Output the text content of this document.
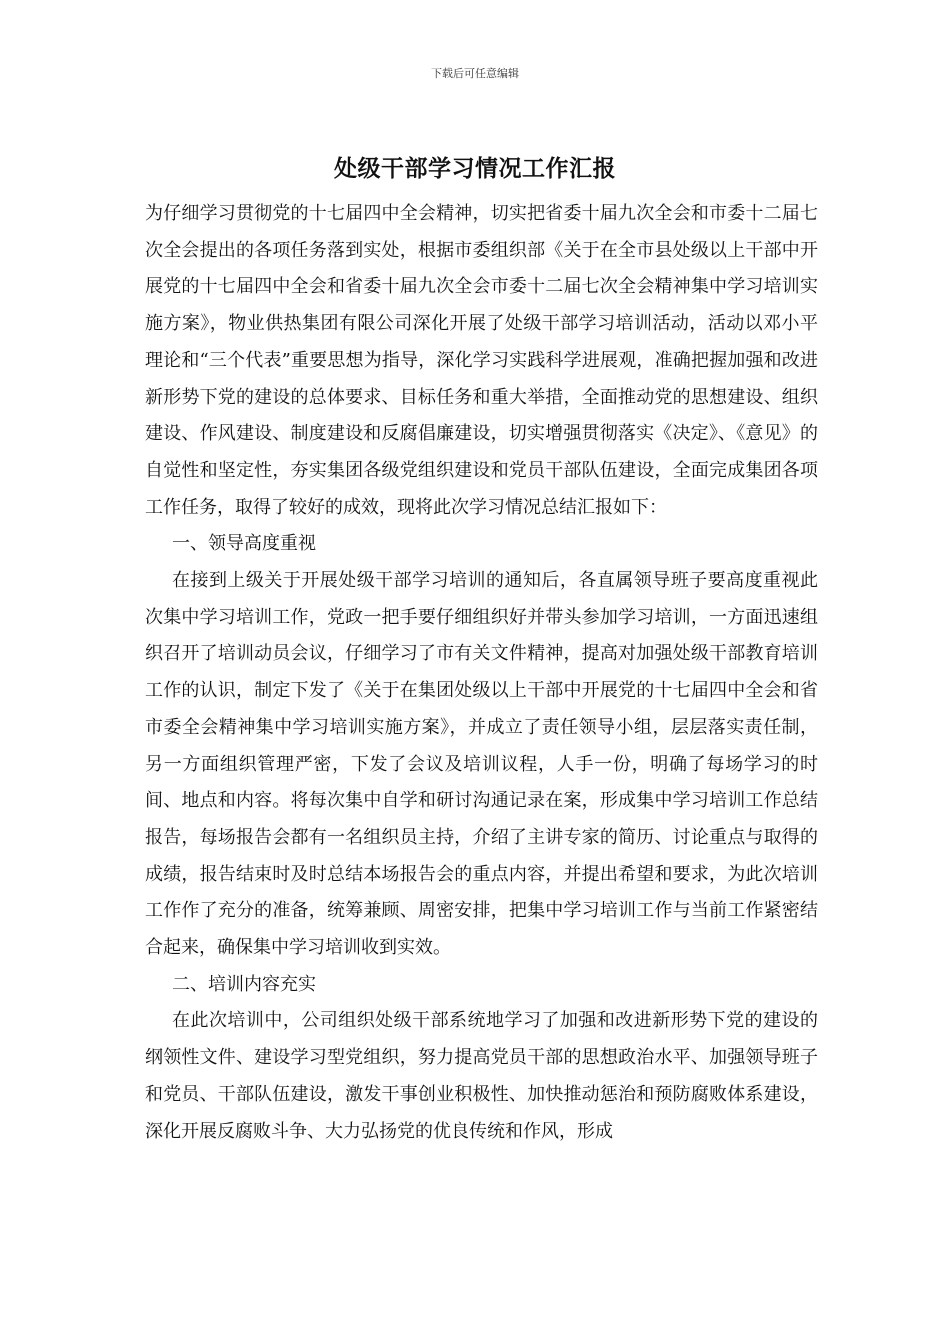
下载后可任意编辑
处级干部学习情况工作汇报

为仔细学习贯彻党的十七届四中全会精神，切实把省委十届九次全会和市委十二届七次全会提出的各项任务落到实处，根据市委组织部《关于在全市县处级以上干部中开展党的十七届四中全会和省委十届九次全会市委十二届七次全会精神集中学习培训实施方案》，物业供热集团有限公司深化开展了处级干部学习培训活动，活动以邓小平理论和“三个代表”重要思想为指导，深化学习实践科学进展观，准确把握加强和改进新形势下党的建设的总体要求、目标任务和重大举措，全面推动党的思想建设、组织建设、作风建设、制度建设和反腐倡廉建设，切实增强贯彻落实《决定》、《意见》的自觉性和坚定性，夯实集团各级党组织建设和党员干部队伍建设，全面完成集团各项工作任务，取得了较好的成效，现将此次学习情况总结汇报如下：

一、领导高度重视

在接到上级关于开展处级干部学习培训的通知后，各直属领导班子要高度重视此次集中学习培训工作，党政一把手要仔细组织好并带头参加学习培训，一方面迅速组织召开了培训动员会议，仔细学习了市有关文件精神，提高对加强处级干部教育培训工作的认识，制定下发了《关于在集团处级以上干部中开展党的十七届四中全会和省市委全会精神集中学习培训实施方案》，并成立了责任领导小组，层层落实责任制，另一方面组织管理严密，下发了会议及培训议程，人手一份，明确了每场学习的时间、地点和内容。将每次集中自学和研讨沟通记录在案，形成集中学习培训工作总结报告，每场报告会都有一名组织员主持，介绍了主讲专家的简历、讨论重点与取得的成绩，报告结束时及时总结本场报告会的重点内容，并提出希望和要求，为此次培训工作作了充分的准备，统筹兼顾、周密安排，把集中学习培训工作与当前工作紧密结合起来，确保集中学习培训收到实效。

二、培训内容充实

在此次培训中，公司组织处级干部系统地学习了加强和改进新形势下党的建设的纲领性文件、建设学习型党组织，努力提高党员干部的思想政治水平、加强领导班子和党员、干部队伍建设，激发干事创业积极性、加快推动惩治和预防腐败体系建设，深化开展反腐败斗争、大力弘扬党的优良传统和作风，形成
